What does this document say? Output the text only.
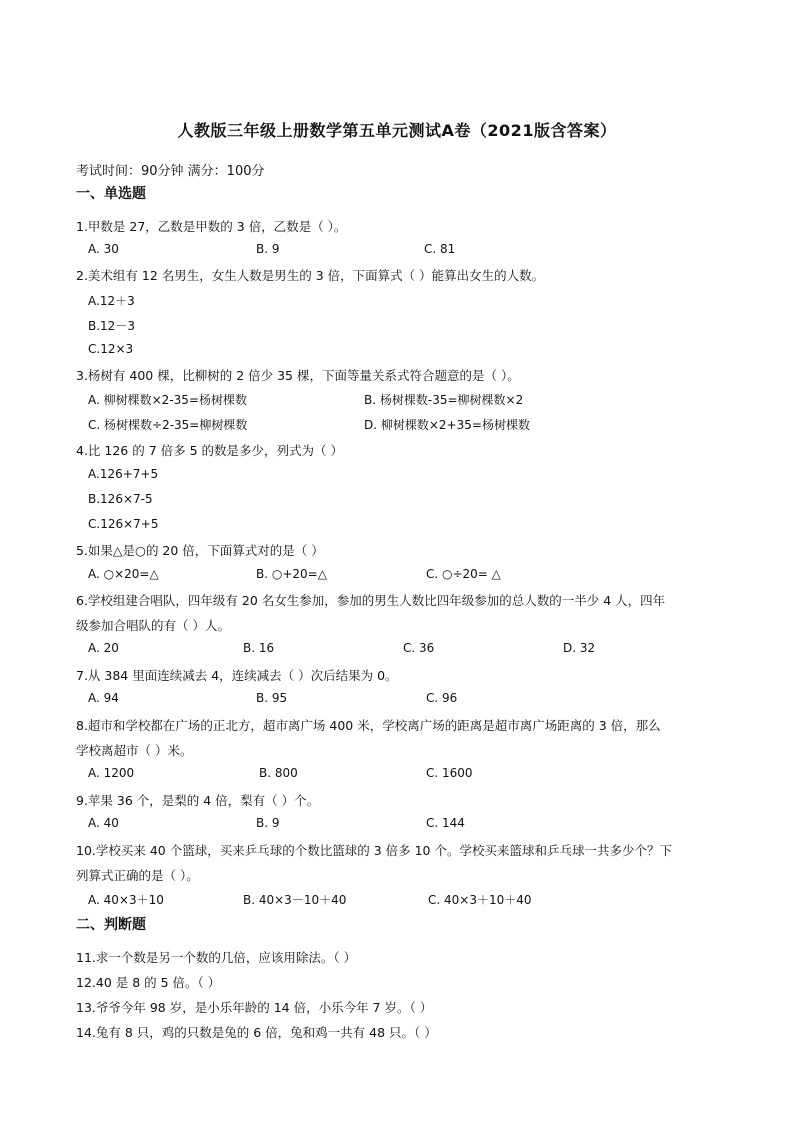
人教版三年级上册数学第五单元测试A卷（2021版含答案）
考试时间：90分钟 满分：100分
一、单选题
1.甲数是 27，乙数是甲数的 3 倍，乙数是（ ）。
A. 30	B. 9	C. 81
2.美术组有 12 名男生，女生人数是男生的 3 倍，下面算式（ ）能算出女生的人数。
A.12＋3
B.12－3
C.12×3
3.杨树有 400 棵，比柳树的 2 倍少 35 棵，下面等量关系式符合题意的是（ ）。
A. 柳树棵数×2-35=杨树棵数	B. 杨树棵数-35=柳树棵数×2
C. 杨树棵数÷2-35=柳树棵数	D. 柳树棵数×2+35=杨树棵数
4.比 126 的 7 倍多 5 的数是多少，列式为（ ）
A.126+7+5
B.126×7-5
C.126×7+5
5.如果△是○的 20 倍，下面算式对的是（ ）
A. ○×20=△	B. ○+20=△	C. ○÷20= △
6.学校组建合唱队，四年级有 20 名女生参加，参加的男生人数比四年级参加的总人数的一半少 4 人，四年
级参加合唱队的有（ ）人。
A. 20	B. 16	C. 36	D. 32
7.从 384 里面连续减去 4，连续减去（ ）次后结果为 0。
A. 94	B. 95	C. 96
8.超市和学校都在广场的正北方，超市离广场 400 米，学校离广场的距离是超市离广场距离的 3 倍，那么
学校离超市（ ）米。
A. 1200	B. 800	C. 1600
9.苹果 36 个，是梨的 4 倍，梨有（ ）个。
A. 40	B. 9	C. 144
10.学校买来 40 个篮球，买来乒乓球的个数比篮球的 3 倍多 10 个。学校买来篮球和乒乓球一共多少个？下
列算式正确的是（ ）。
A. 40×3＋10	B. 40×3－10＋40	C. 40×3＋10＋40
二、判断题
11.求一个数是另一个数的几倍，应该用除法。（ ）
12.40 是 8 的 5 倍。（ ）
13.爷爷今年 98 岁，是小乐年龄的 14 倍，小乐今年 7 岁。（ ）
14.兔有 8 只，鸡的只数是兔的 6 倍，兔和鸡一共有 48 只。（ ）
